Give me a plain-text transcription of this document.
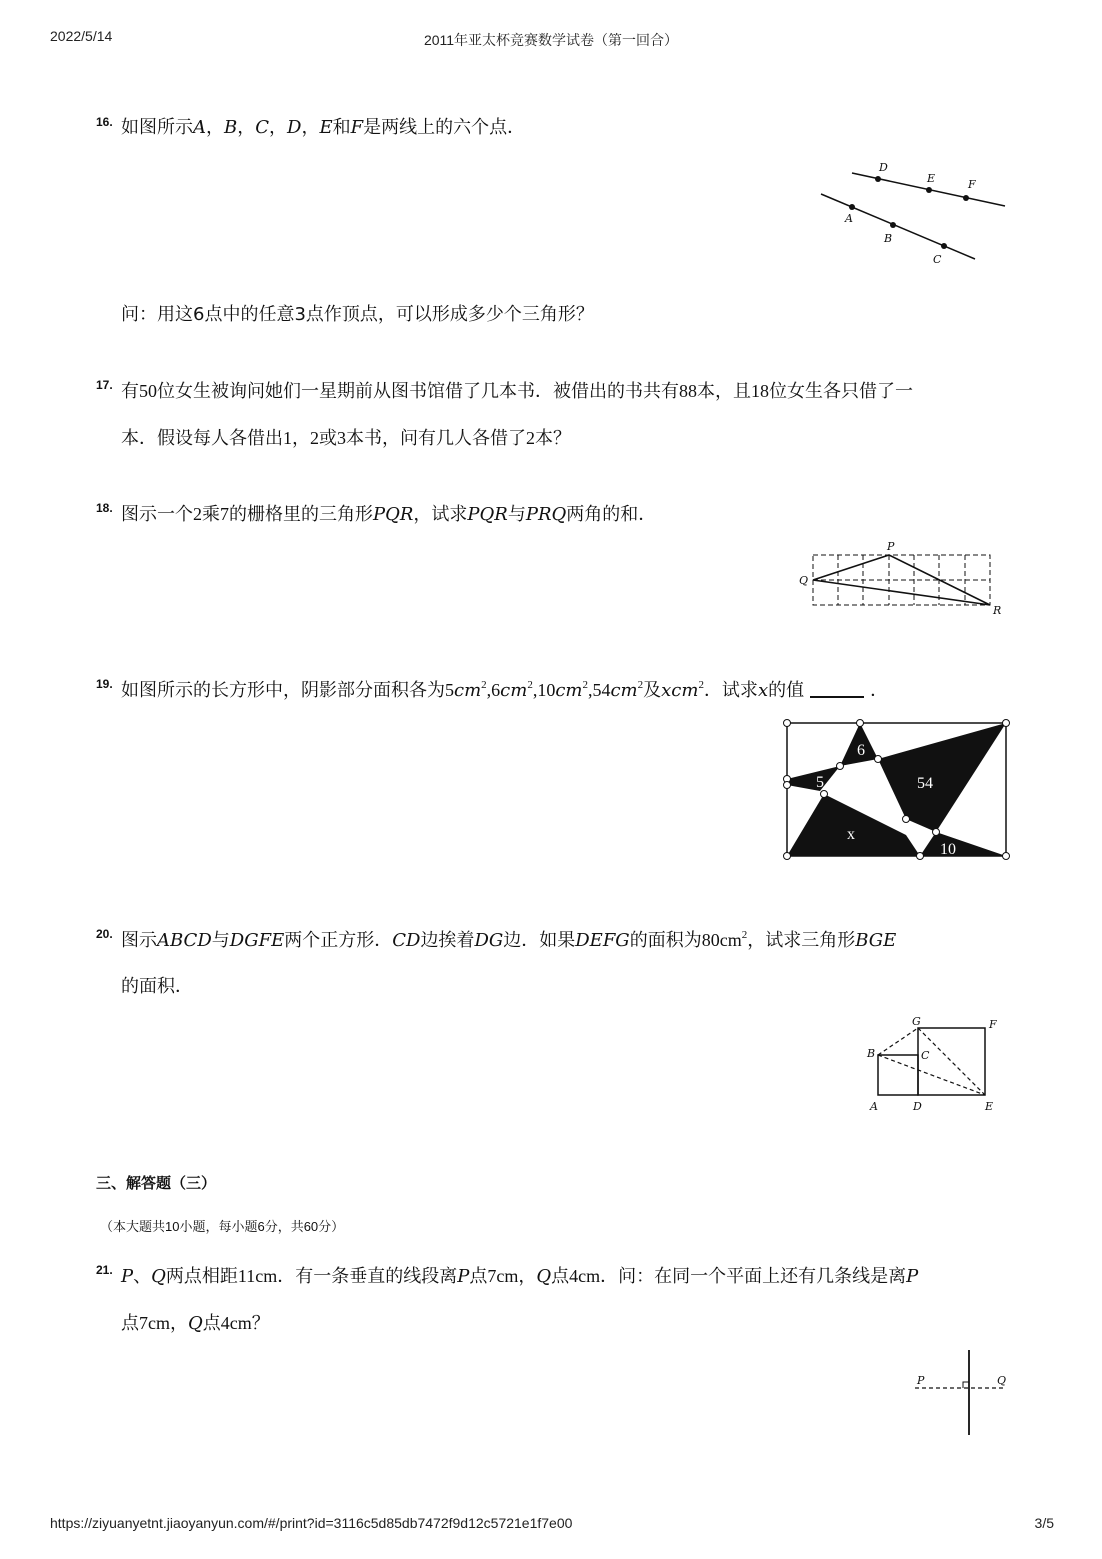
2022/5/14	2011年亚太杯竞赛数学试卷（第一回合）
16. 如图所示A，B，C，D，E和F是两线上的六个点．
D
E	F
A
B
C
问：用这6点中的任意3点作顶点，可以形成多少个三角形？
17. 有50位女生被询问她们一星期前从图书馆借了几本书．被借出的书共有88本，且18位女生各只借了一
本．假设每人各借出1，2或3本书，问有几人各借了2本？
18. 图示一个2乘7的栅格里的三角形PQR，试求PQR与PRQ两角的和．
P
Q
R
19. 如图所示的长方形中，阴影部分面积各为$5cm^2,6cm^2,10cm^2,54cm^2$及xcm$^2$．试求x的值	．
5
6
54
x
10
20. 图示ABCD与DGFE两个正方形．CD边挨着DG边．如果DEFG的面积为$80cm^2$，试求三角形BGE
的面积．
G	F
B	C
A	D	E
三、解答题（三）
（本大题共10小题，每小题6分，共60分）
21. P、Q两点相距11cm．有一条垂直的线段离P点7cm，Q点4cm．问：在同一个平面上还有几条线是离P
点7cm，Q点4cm？
P	Q
https://ziyuanyetnt.jiaoyanyun.com/#/print?id=3116c5d85db7472f9d12c5721e1f7e00	3/5
